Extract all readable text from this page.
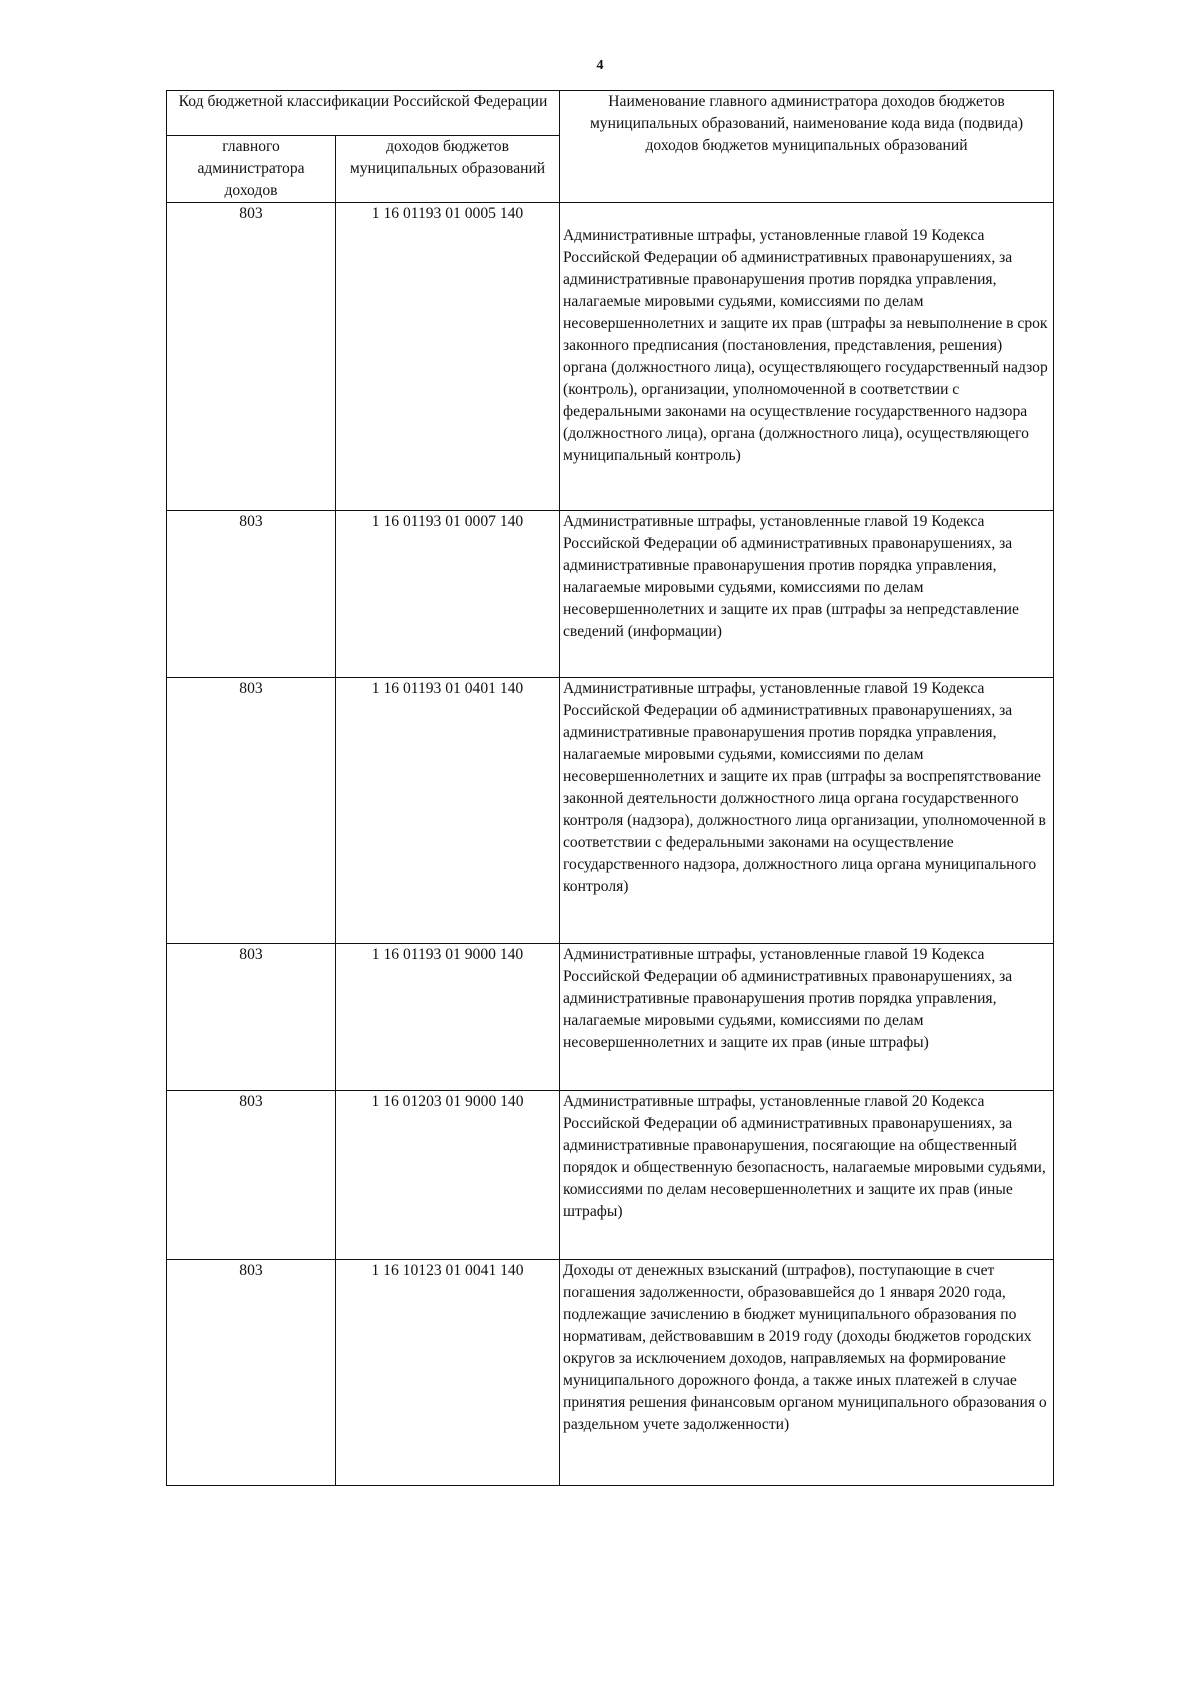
4
Код бюджетной классификации Российской Федерации		Наименование главного администратора доходов бюджетов муниципальных образований, наименование кода вида (подвида) доходов бюджетов муниципальных образований
главного администратора доходов	доходов бюджетов муниципальных образований	
803	1 16 01193 01 0005 140	Административные штрафы, установленные главой 19 Кодекса Российской Федерации об административных правонарушениях, за административные правонарушения против порядка управления, налагаемые мировыми судьями, комиссиями по делам несовершеннолетних и защите их прав (штрафы за невыполнение в срок законного предписания (постановления, представления, решения) органа (должностного лица), осуществляющего государственный надзор (контроль), организации, уполномоченной в соответствии с федеральными законами на осуществление государственного надзора (должностного лица), органа (должностного лица), осуществляющего муниципальный контроль)
803	1 16 01193 01 0007 140	Административные штрафы, установленные главой 19 Кодекса Российской Федерации об административных правонарушениях, за административные правонарушения против порядка управления, налагаемые мировыми судьями, комиссиями по делам несовершеннолетних и защите их прав (штрафы за непредставление сведений (информации)
803	1 16 01193 01 0401 140	Административные штрафы, установленные главой 19 Кодекса Российской Федерации об административных правонарушениях, за административные правонарушения против порядка управления, налагаемые мировыми судьями, комиссиями по делам несовершеннолетних и защите их прав (штрафы за воспрепятствование законной деятельности должностного лица органа государственного контроля (надзора), должностного лица организации, уполномоченной в соответствии с федеральными законами на осуществление государственного надзора, должностного лица органа муниципального контроля)
803	1 16 01193 01 9000 140	Административные штрафы, установленные главой 19 Кодекса Российской Федерации об административных правонарушениях, за административные правонарушения против порядка управления, налагаемые мировыми судьями, комиссиями по делам несовершеннолетних и защите их прав (иные штрафы)
803	1 16 01203 01 9000 140	Административные штрафы, установленные главой 20 Кодекса Российской Федерации об административных правонарушениях, за административные правонарушения, посягающие на общественный порядок и общественную безопасность, налагаемые мировыми судьями, комиссиями по делам несовершеннолетних и защите их прав (иные штрафы)
803	1 16 10123 01 0041 140	Доходы от денежных взысканий (штрафов), поступающие в счет погашения задолженности, образовавшейся до 1 января 2020 года, подлежащие зачислению в бюджет муниципального образования по нормативам, действовавшим в 2019 году (доходы бюджетов городских округов за исключением доходов, направляемых на формирование муниципального дорожного фонда, а также иных платежей в случае принятия решения финансовым органом муниципального образования о раздельном учете задолженности)
